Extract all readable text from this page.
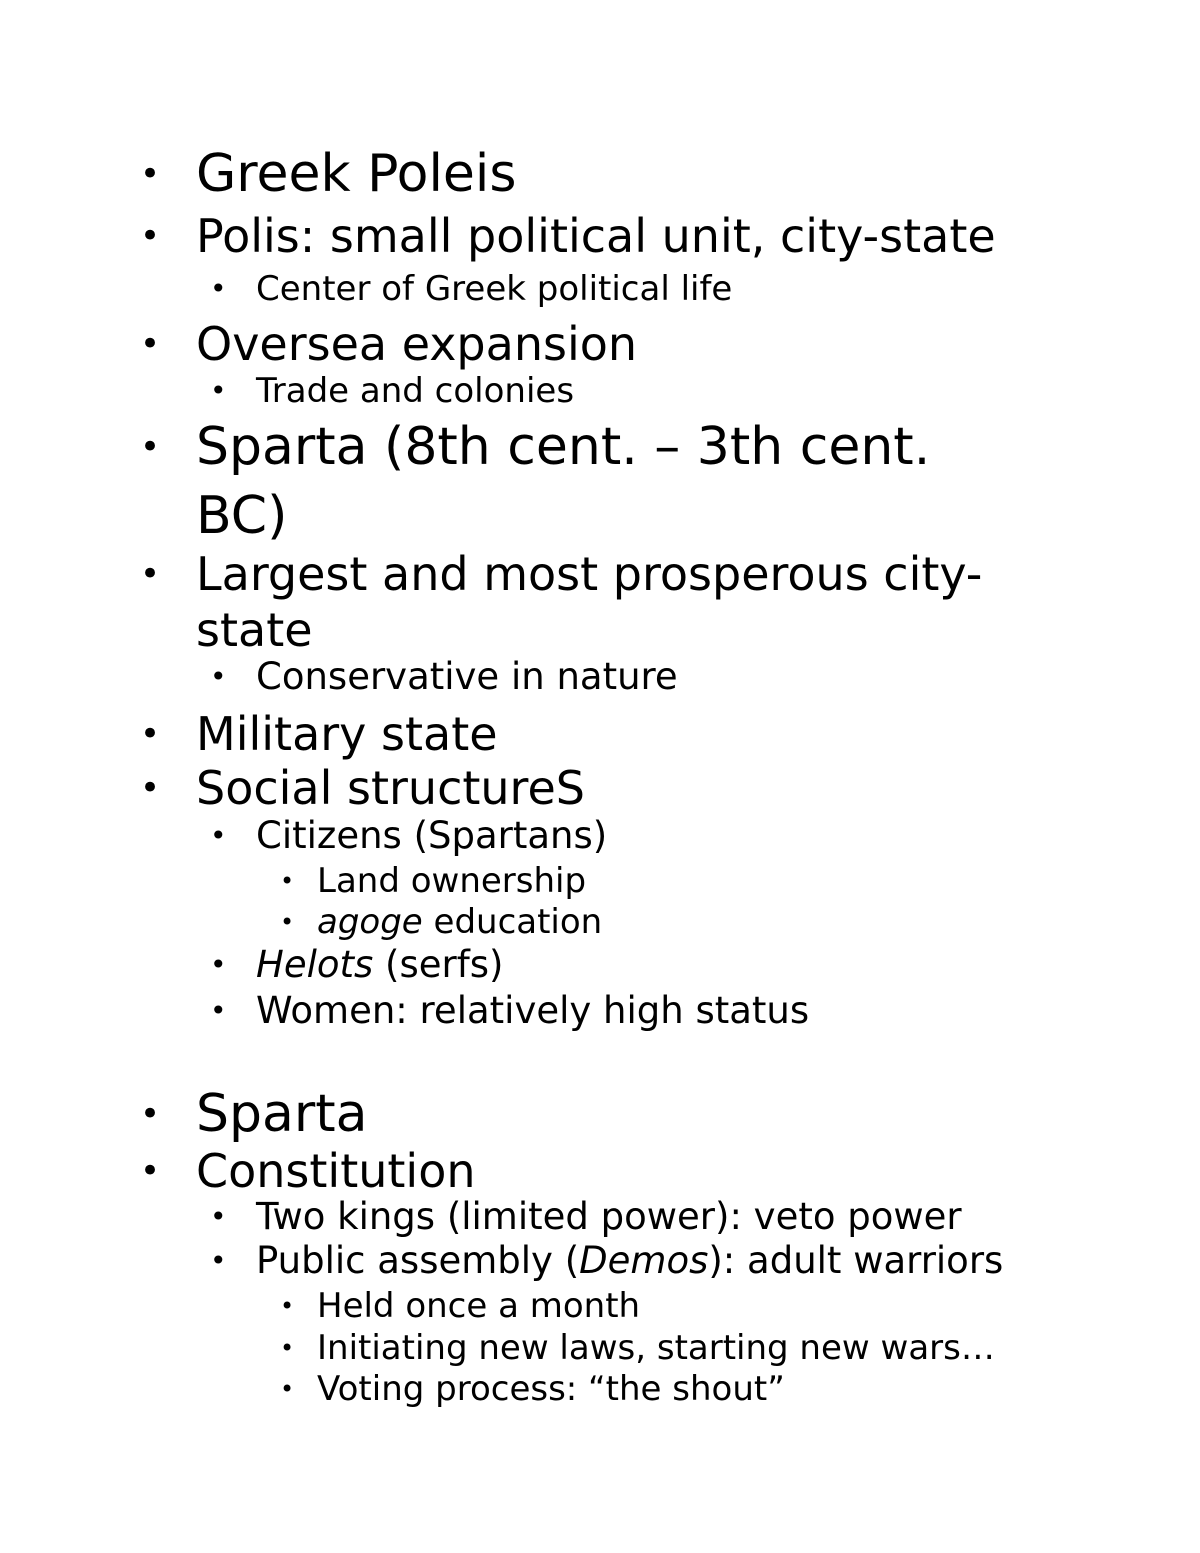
• Greek Poleis
• Polis: small political unit, city-state
• Center of Greek political life
• Oversea expansion
• Trade and colonies
• Sparta (8th cent. – 3th cent.
BC)
• Largest and most prosperous city-
state
• Conservative in nature
• Military state
• Social structureS
• Citizens (Spartans)
• Land ownership
• agoge education
• Helots (serfs)
• Women: relatively high status
• Sparta
• Constitution
• Two kings (limited power): veto power
• Public assembly (Demos): adult warriors
• Held once a month
• Initiating new laws, starting new wars…
• Voting process: “the shout”
